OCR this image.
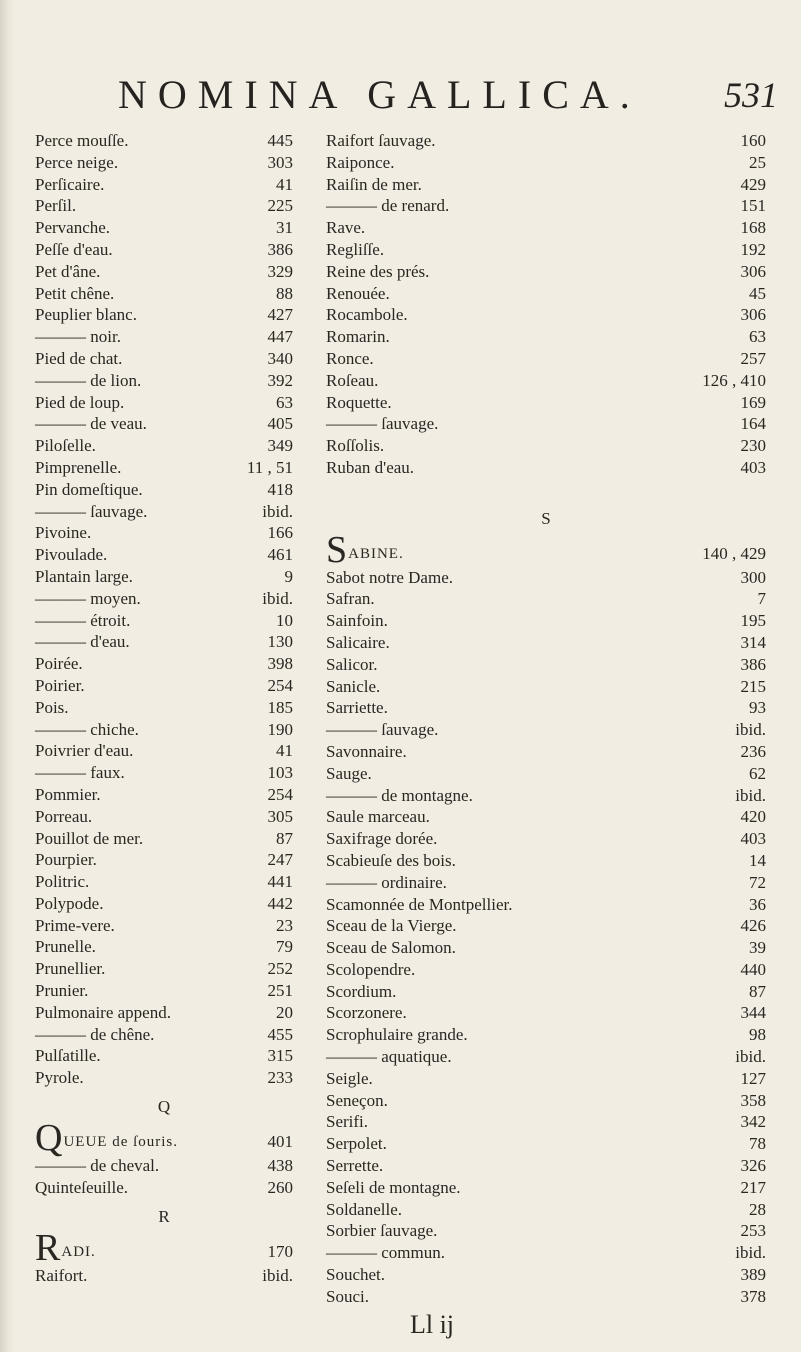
NOMINA GALLICA. 531
Perce mouſſe.	445
Perce neige.	303
Perſicaire.	41
Perſil.	225
Pervanche.	31
Peſſe d'eau.	386
Pet d'âne.	329
Petit chêne.	88
Peuplier blanc.	427
——— noir.	447
Pied de chat.	340
——— de lion.	392
Pied de loup.	63
——— de veau.	405
Piloſelle.	349
Pimprenelle.	11 , 51
Pin domeſtique.	418
——— ſauvage.	ibid.
Pivoine.	166
Pivoulade.	461
Plantain large.	9
——— moyen.	ibid.
——— étroit.	10
——— d'eau.	130
Poirée.	398
Poirier.	254
Pois.	185
——— chiche.	190
Poivrier d'eau.	41
——— faux.	103
Pommier.	254
Porreau.	305
Pouillot de mer.	87
Pourpier.	247
Politric.	441
Polypode.	442
Prime-vere.	23
Prunelle.	79
Prunellier.	252
Prunier.	251
Pulmonaire append.	20
——— de chêne.	455
Pulſatille.	315
Pyrole.	233
Q
QUEUE de ſouris.	401
——— de cheval.	438
Quinteſeuille.	260
R
RADI.	170
Raifort.	ibid.
Raifort ſauvage.	160
Raiponce.	25
Raiſin de mer.	429
——— de renard.	151
Rave.	168
Regliſſe.	192
Reine des prés.	306
Renouée.	45
Rocambole.	306
Romarin.	63
Ronce.	257
Roſeau.	126 , 410
Roquette.	169
——— ſauvage.	164
Roſſolis.	230
Ruban d'eau.	403
S
SABINE.	140 , 429
Sabot notre Dame.	300
Safran.	7
Sainfoin.	195
Salicaire.	314
Salicor.	386
Sanicle.	215
Sarriette.	93
——— ſauvage.	ibid.
Savonnaire.	236
Sauge.	62
——— de montagne.	ibid.
Saule marceau.	420
Saxifrage dorée.	403
Scabieuſe des bois.	14
——— ordinaire.	72
Scamonnée de Montpellier.	36
Sceau de la Vierge.	426
Sceau de Salomon.	39
Scolopendre.	440
Scordium.	87
Scorzonere.	344
Scrophulaire grande.	98
——— aquatique.	ibid.
Seigle.	127
Seneçon.	358
Serifi.	342
Serpolet.	78
Serrette.	326
Seſeli de montagne.	217
Soldanelle.	28
Sorbier ſauvage.	253
——— commun.	ibid.
Souchet.	389
Souci.	378
Ll ij
